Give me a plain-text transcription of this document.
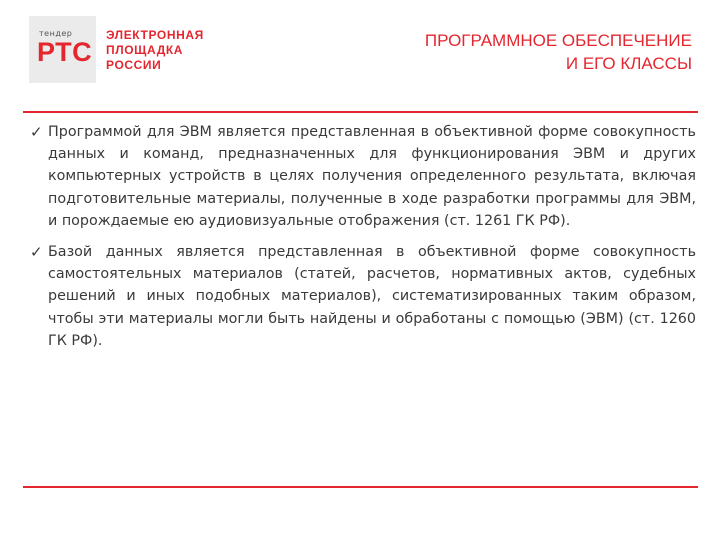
тендер
РТС
ЭЛЕКТРОННАЯ
ПЛОЩАДКА
РОССИИ
ПРОГРАММНОЕ ОБЕСПЕЧЕНИЕ
И ЕГО КЛАССЫ
✓ Программой для ЭВМ является представленная в объективной форме совокупность данных и команд, предназначенных для функционирования ЭВМ и других компьютерных устройств в целях получения определенного результата, включая подготовительные материалы, полученные в ходе разработки программы для ЭВМ, и порождаемые ею аудиовизуальные отображения (ст. 1261 ГК РФ).
✓ Базой данных является представленная в объективной форме совокупность самостоятельных материалов (статей, расчетов, нормативных актов, судебных решений и иных подобных материалов), систематизированных таким образом, чтобы эти материалы могли быть найдены и обработаны с помощью (ЭВМ) (ст. 1260 ГК РФ).
